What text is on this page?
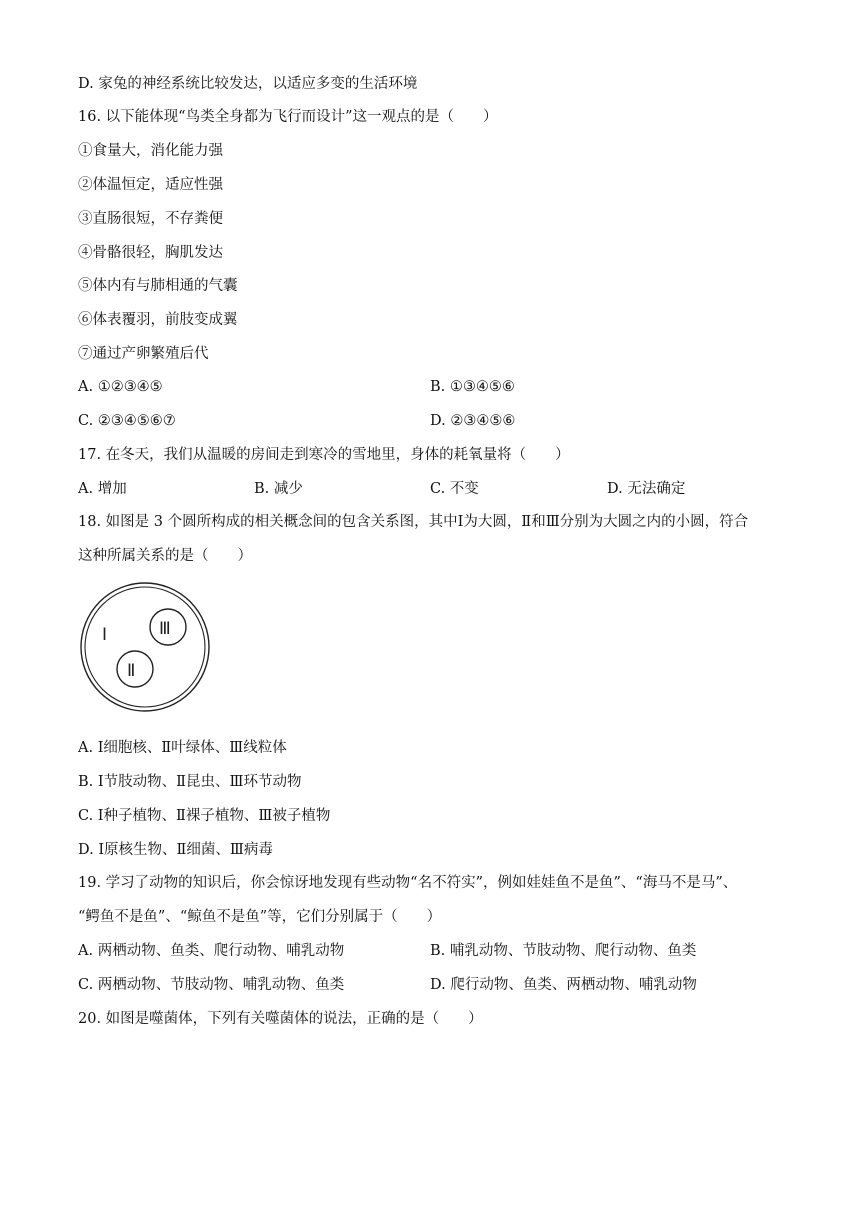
D. 家兔的神经系统比较发达，以适应多变的生活环境
16. 以下能体现“鸟类全身都为飞行而设计”这一观点的是（　　）
①食量大，消化能力强
②体温恒定，适应性强
③直肠很短，不存粪便
④骨骼很轻，胸肌发达
⑤体内有与肺相通的气囊
⑥体表覆羽，前肢变成翼
⑦通过产卵繁殖后代
A. ①②③④⑤	B. ①③④⑤⑥
C. ②③④⑤⑥⑦	D. ②③④⑤⑥
17. 在冬天，我们从温暖的房间走到寒冷的雪地里，身体的耗氧量将（　　）
A. 增加	B. 减少	C. 不变	D. 无法确定
18. 如图是 3 个圆所构成的相关概念间的包含关系图，其中Ⅰ为大圆，Ⅱ和Ⅲ分别为大圆之内的小圆，符合
这种所属关系的是（　　）
Ⅰ
Ⅱ
Ⅲ
A. Ⅰ细胞核、Ⅱ叶绿体、Ⅲ线粒体
B. Ⅰ节肢动物、Ⅱ昆虫、Ⅲ环节动物
C. Ⅰ种子植物、Ⅱ裸子植物、Ⅲ被子植物
D. Ⅰ原核生物、Ⅱ细菌、Ⅲ病毒
19. 学习了动物的知识后，你会惊讶地发现有些动物“名不符实”，例如娃娃鱼不是鱼”、“海马不是马”、
“鳄鱼不是鱼”、“鲸鱼不是鱼”等，它们分别属于（　　）
A. 两栖动物、鱼类、爬行动物、哺乳动物	B. 哺乳动物、节肢动物、爬行动物、鱼类
C. 两栖动物、节肢动物、哺乳动物、鱼类	D. 爬行动物、鱼类、两栖动物、哺乳动物
20. 如图是噬菌体，下列有关噬菌体的说法，正确的是（　　）
